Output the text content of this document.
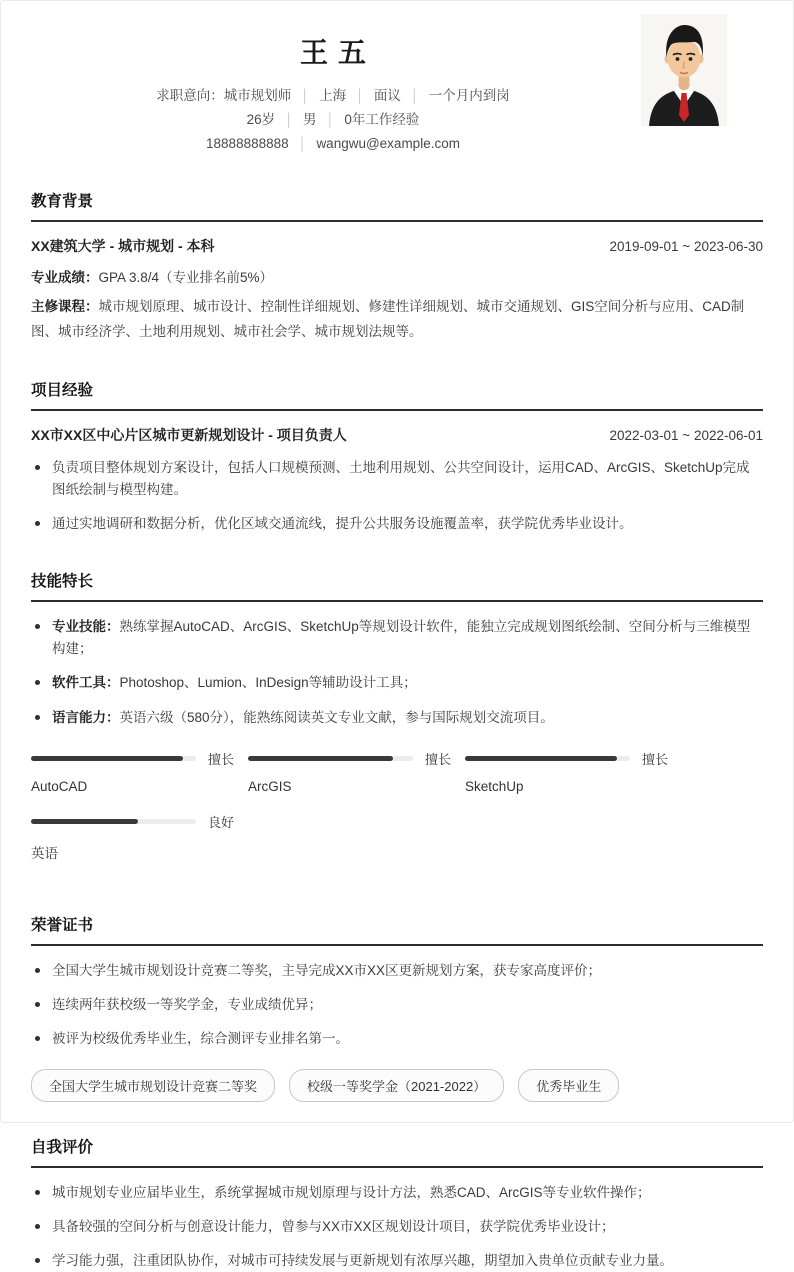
王五
求职意向：城市规划师 │ 上海 │ 面议 │ 一个月内到岗
26岁 │ 男 │ 0年工作经验
18888888888 │ wangwu@example.com
教育背景
XX建筑大学 - 城市规划 - 本科	2019-09-01 ~ 2023-06-30
专业成绩：GPA 3.8/4（专业排名前5%）
主修课程：城市规划原理、城市设计、控制性详细规划、修建性详细规划、城市交通规划、GIS空间分析与应用、CAD制图、城市经济学、土地利用规划、城市社会学、城市规划法规等。
项目经验
XX市XX区中心片区城市更新规划设计 - 项目负责人	2022-03-01 ~ 2022-06-01
负责项目整体规划方案设计，包括人口规模预测、土地利用规划、公共空间设计，运用CAD、ArcGIS、SketchUp完成图纸绘制与模型构建。
通过实地调研和数据分析，优化区域交通流线，提升公共服务设施覆盖率，获学院优秀毕业设计。
技能特长
专业技能：熟练掌握AutoCAD、ArcGIS、SketchUp等规划设计软件，能独立完成规划图纸绘制、空间分析与三维模型构建；
软件工具：Photoshop、Lumion、InDesign等辅助设计工具；
语言能力：英语六级（580分），能熟练阅读英文专业文献，参与国际规划交流项目。
擅长
AutoCAD
擅长
ArcGIS
擅长
SketchUp
良好
英语
荣誉证书
全国大学生城市规划设计竞赛二等奖，主导完成XX市XX区更新规划方案，获专家高度评价；
连续两年获校级一等奖学金，专业成绩优异；
被评为校级优秀毕业生，综合测评专业排名第一。
全国大学生城市规划设计竞赛二等奖	校级一等奖学金（2021-2022）	优秀毕业生
自我评价
城市规划专业应届毕业生，系统掌握城市规划原理与设计方法，熟悉CAD、ArcGIS等专业软件操作；
具备较强的空间分析与创意设计能力，曾参与XX市XX区规划设计项目，获学院优秀毕业设计；
学习能力强，注重团队协作，对城市可持续发展与更新规划有浓厚兴趣，期望加入贵单位贡献专业力量。
